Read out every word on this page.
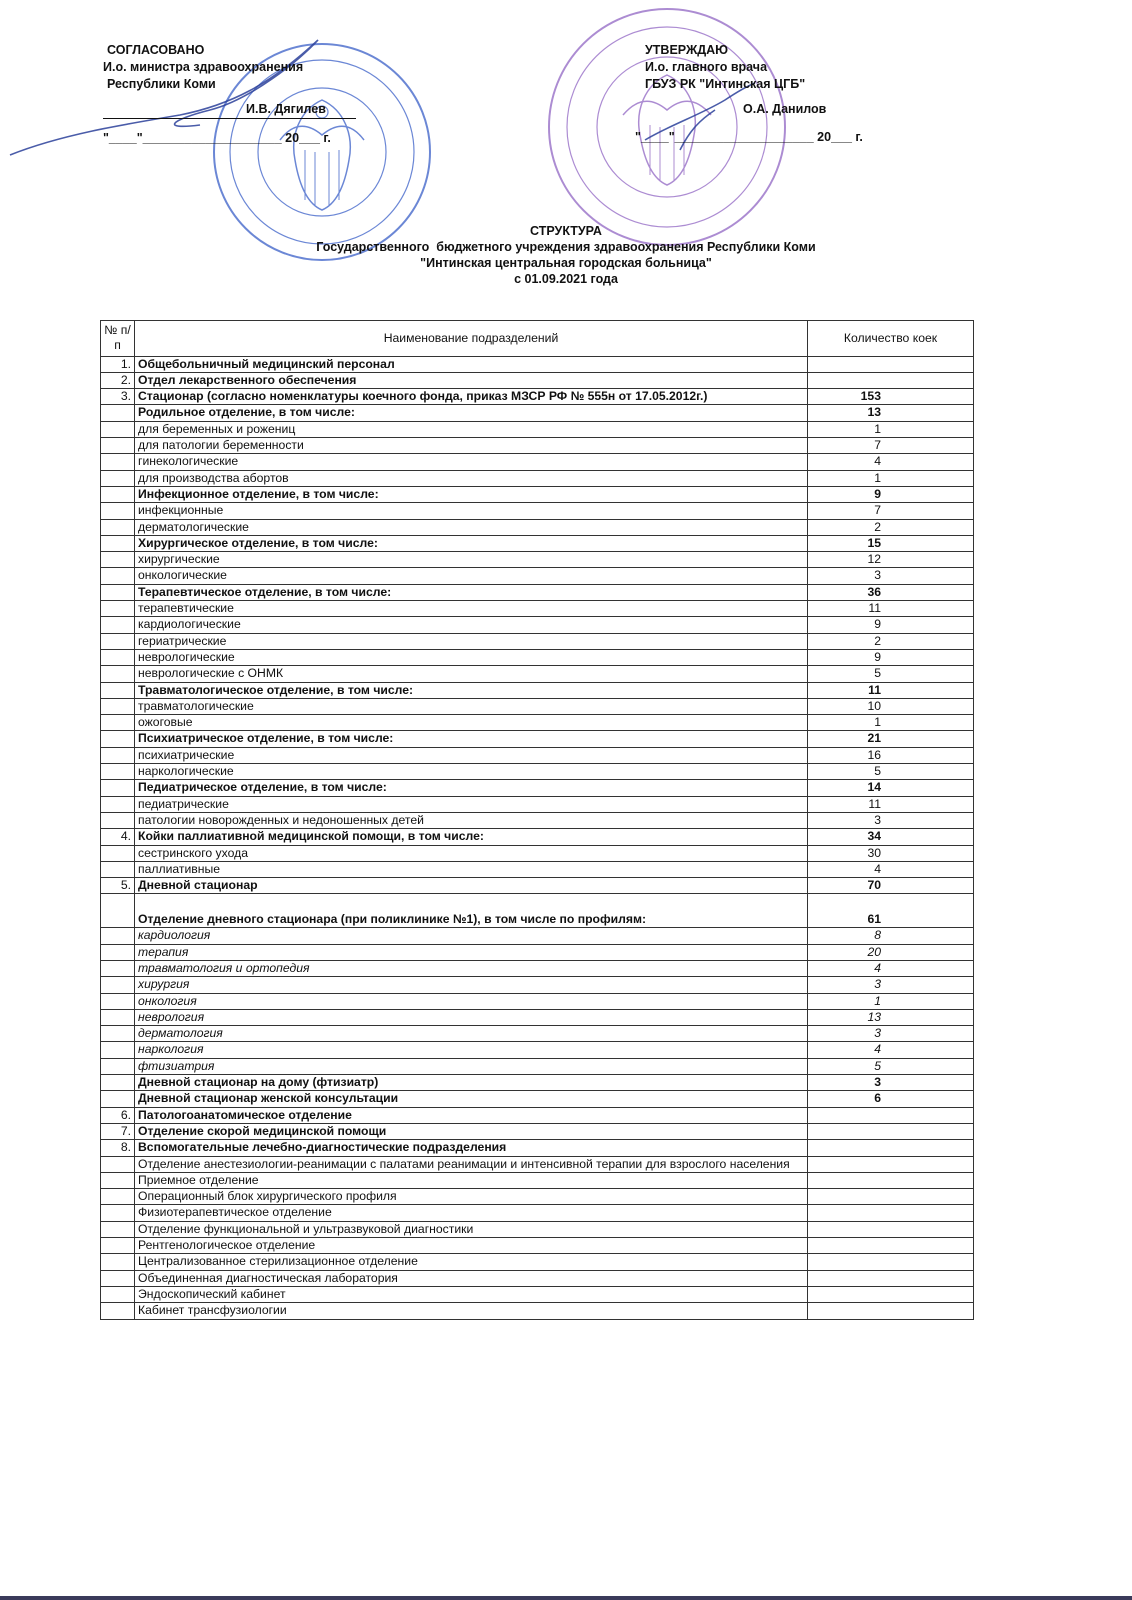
СОГЛАСОВАНО
И.о. министра здравоохранения
Республики Коми
И.В. Дягилев
"____"____________________ 20___ г.
УТВЕРЖДАЮ
И.о. главного врача
ГБУЗ РК "Интинская ЦГБ"
О.А. Данилов
"____"____________________ 20___ г.
СТРУКТУРА
Государственного  бюджетного учреждения здравоохранения Республики Коми
"Интинская центральная городская больница"
с 01.09.2021 года
№ п/п	Наименование подразделений	Количество коек
1.	Общебольничный медицинский персонал	
2.	Отдел лекарственного обеспечения	
3.	Стационар (согласно номенклатуры коечного фонда, приказ МЗСР РФ № 555н от 17.05.2012г.)	153
	Родильное отделение, в том числе:	13
	для беременных и рожениц	1
	для патологии беременности	7
	гинекологические	4
	для производства абортов	1
	Инфекционное отделение, в том числе:	9
	инфекционные	7
	дерматологические	2
	Хирургическое отделение, в том числе:	15
	хирургические	12
	онкологические	3
	Терапевтическое отделение, в том числе:	36
	терапевтические	11
	кардиологические	9
	гериатрические	2
	неврологические	9
	неврологические с ОНМК	5
	Травматологическое отделение, в том числе:	11
	травматологические	10
	ожоговые	1
	Психиатрическое отделение, в том числе:	21
	психиатрические	16
	наркологические	5
	Педиатрическое отделение, в том числе:	14
	педиатрические	11
	патологии новорожденных и недоношенных детей	3
4.	Койки паллиативной медицинской помощи, в том числе:	34
	сестринского ухода	30
	паллиативные	4
5.	Дневной стационар	70
	Отделение дневного стационара (при поликлинике №1), в том числе по профилям:	61
	кардиология	8
	терапия	20
	травматология и ортопедия	4
	хирургия	3
	онкология	1
	неврология	13
	дерматология	3
	наркология	4
	фтизиатрия	5
	Дневной стационар на дому (фтизиатр)	3
	Дневной стационар женской консультации	6
6.	Патологоанатомическое отделение	
7.	Отделение скорой медицинской помощи	
8.	Вспомогательные лечебно-диагностические подразделения	
	Отделение анестезиологии-реанимации с палатами реанимации и интенсивной терапии для взрослого населения	
	Приемное отделение	
	Операционный блок хирургического профиля	
	Физиотерапевтическое отделение	
	Отделение функциональной и ультразвуковой диагностики	
	Рентгенологическое отделение	
	Централизованное стерилизационное отделение	
	Объединенная диагностическая лаборатория	
	Эндоскопический кабинет	
	Кабинет трансфузиологии	
